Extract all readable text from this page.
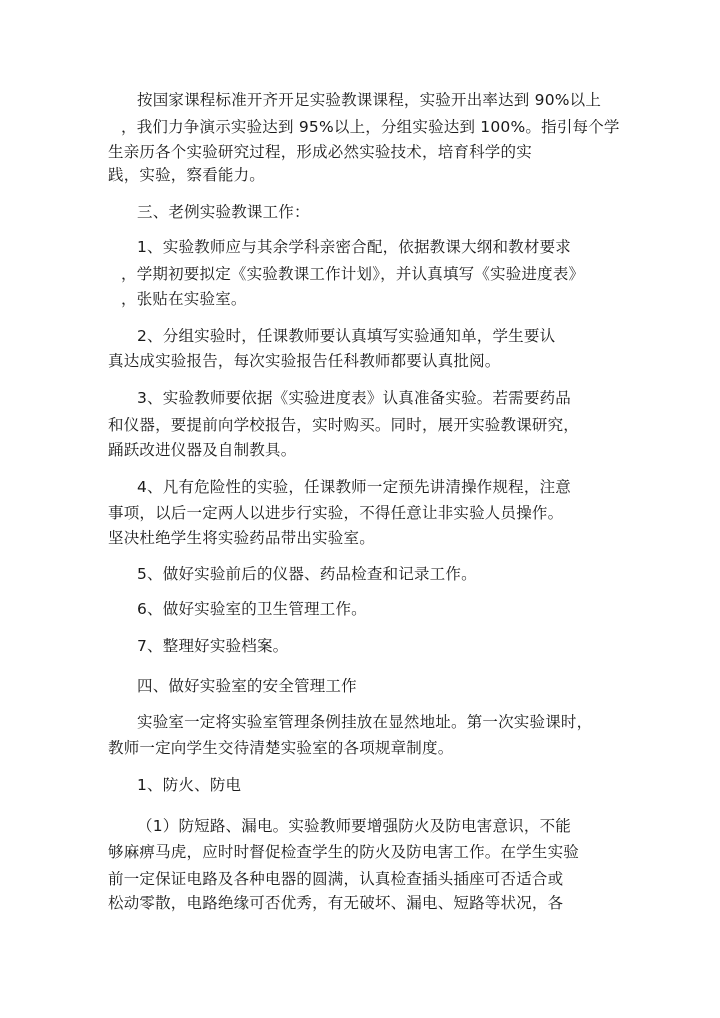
按国家课程标准开齐开足实验教课课程，实验开出率达到 90%以上
，我们力争演示实验达到 95%以上，分组实验达到 100%。指引每个学
生亲历各个实验研究过程，形成必然实验技术，培育科学的实
践，实验，察看能力。
三、老例实验教课工作：
1、实验教师应与其余学科亲密合配，依据教课大纲和教材要求
，学期初要拟定《实验教课工作计划》，并认真填写《实验进度表》
，张贴在实验室。
2、分组实验时，任课教师要认真填写实验通知单，学生要认
真达成实验报告，每次实验报告任科教师都要认真批阅。
3、实验教师要依据《实验进度表》认真准备实验。若需要药品
和仪器，要提前向学校报告，实时购买。同时，展开实验教课研究，
踊跃改进仪器及自制教具。
4、凡有危险性的实验，任课教师一定预先讲清操作规程，注意
事项，以后一定两人以进步行实验，不得任意让非实验人员操作。
坚决杜绝学生将实验药品带出实验室。
5、做好实验前后的仪器、药品检查和记录工作。
6、做好实验室的卫生管理工作。
7、整理好实验档案。
四、做好实验室的安全管理工作
实验室一定将实验室管理条例挂放在显然地址。第一次实验课时，
教师一定向学生交待清楚实验室的各项规章制度。
1、防火、防电
（1）防短路、漏电。实验教师要增强防火及防电害意识，不能
够麻痹马虎，应时时督促检查学生的防火及防电害工作。在学生实验
前一定保证电路及各种电器的圆满，认真检查插头插座可否适合或
松动零散，电路绝缘可否优秀，有无破坏、漏电、短路等状况，各
